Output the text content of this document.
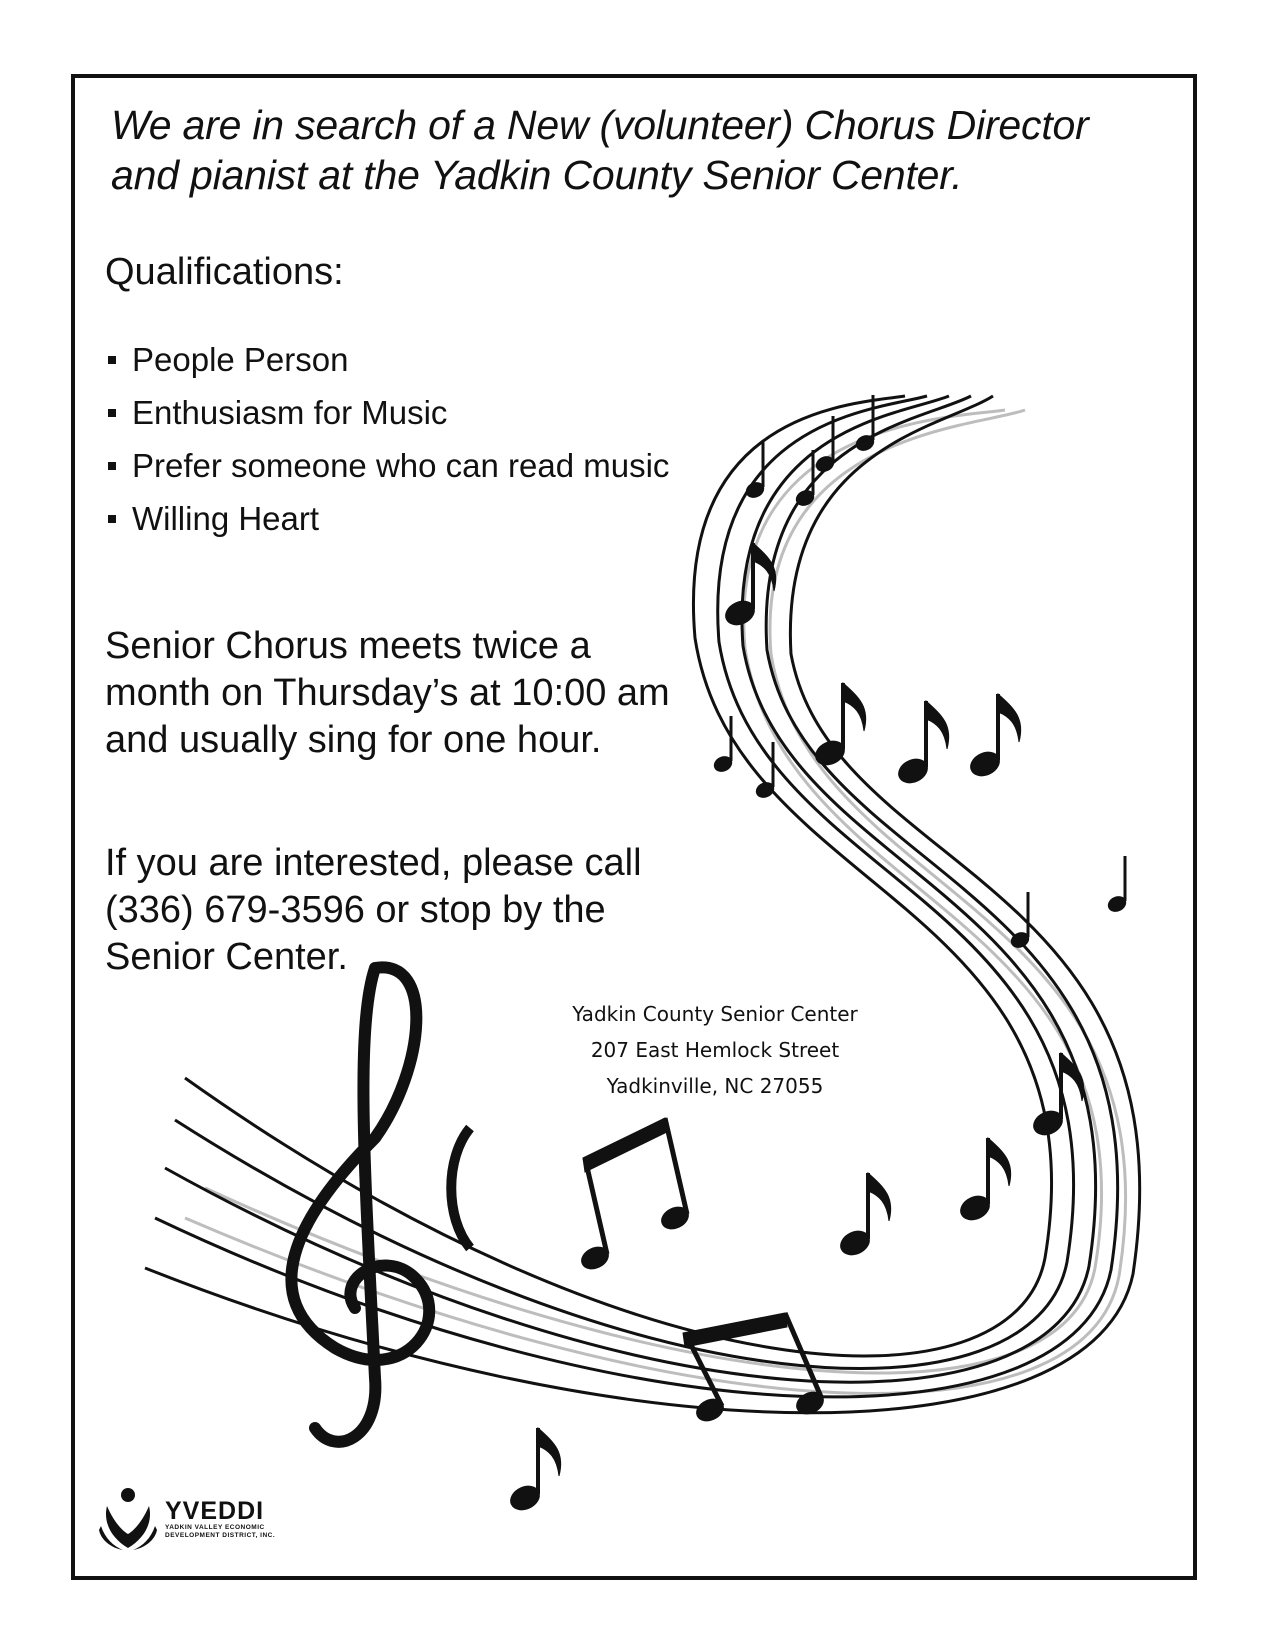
We are in search of a New (volunteer) Chorus Director
and pianist at the Yadkin County Senior Center.
Qualifications:
People Person
Enthusiasm for Music
Prefer someone who can read music
Willing Heart

Senior Chorus meets twice a
month on Thursday’s at 10:00 am
and usually sing for one hour.

If you are interested, please call
(336) 679-3596 or stop by the
Senior Center.

Yadkin County Senior Center
207 East Hemlock Street
Yadkinville, NC 27055
YVEDDI
YADKIN VALLEY ECONOMIC
DEVELOPMENT DISTRICT, INC.
